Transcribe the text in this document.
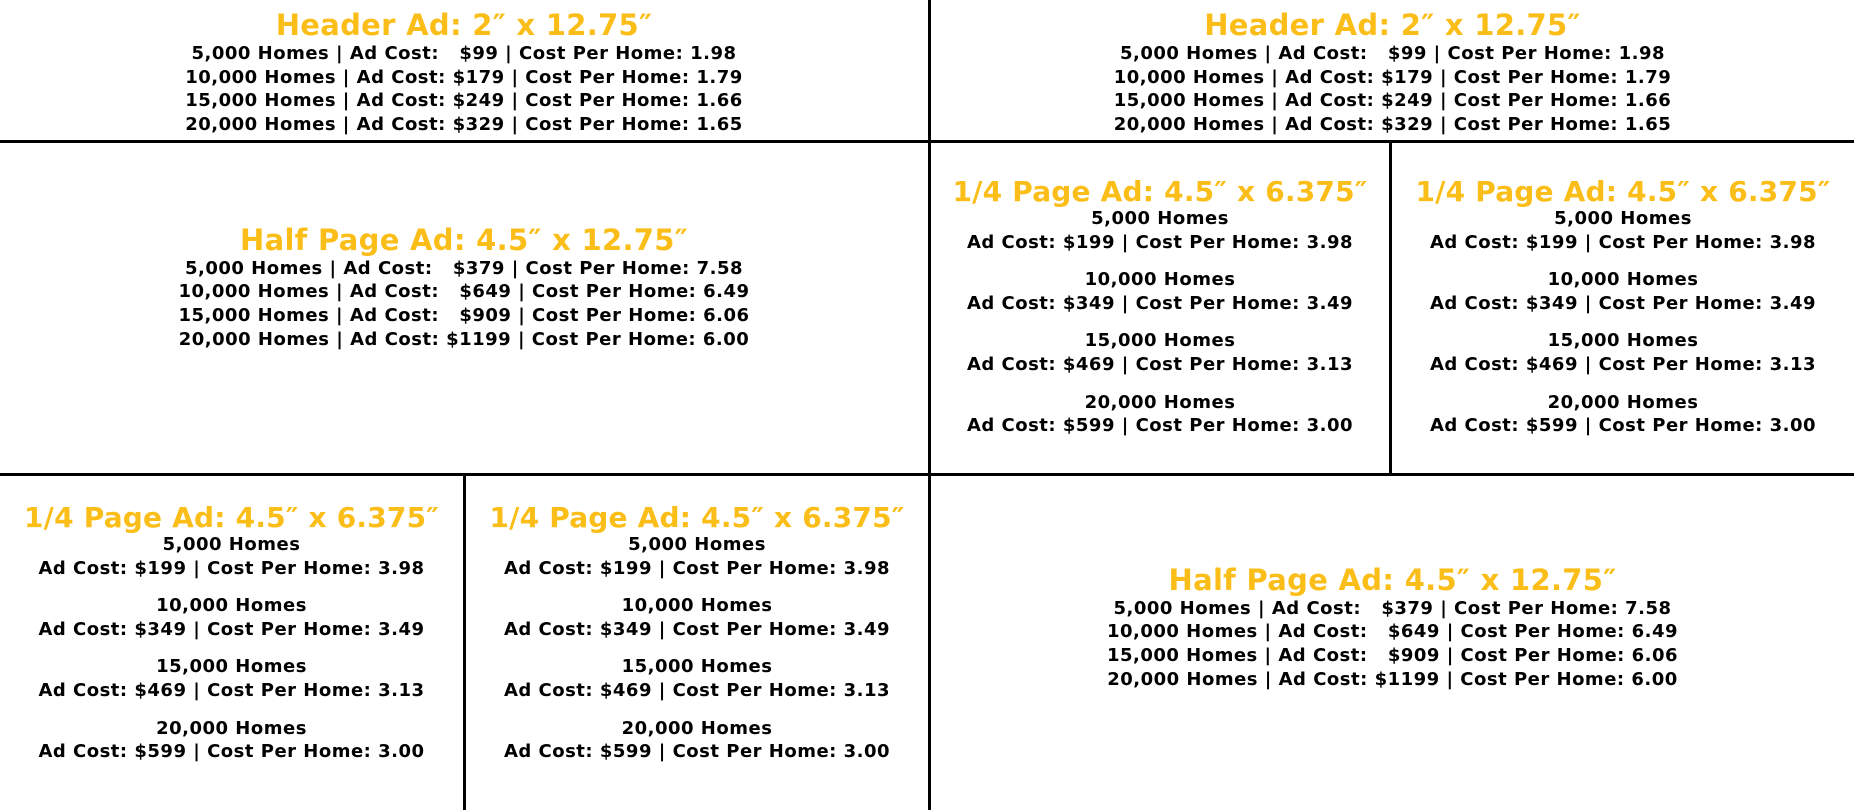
Header Ad: 2″ x 12.75″
5,000 Homes | Ad Cost:   $99 | Cost Per Home: 1.98
10,000 Homes | Ad Cost: $179 | Cost Per Home: 1.79
15,000 Homes | Ad Cost: $249 | Cost Per Home: 1.66
20,000 Homes | Ad Cost: $329 | Cost Per Home: 1.65
Header Ad: 2″ x 12.75″
5,000 Homes | Ad Cost:   $99 | Cost Per Home: 1.98
10,000 Homes | Ad Cost: $179 | Cost Per Home: 1.79
15,000 Homes | Ad Cost: $249 | Cost Per Home: 1.66
20,000 Homes | Ad Cost: $329 | Cost Per Home: 1.65
Half Page Ad: 4.5″ x 12.75″
5,000 Homes | Ad Cost:   $379 | Cost Per Home: 7.58
10,000 Homes | Ad Cost:   $649 | Cost Per Home: 6.49
15,000 Homes | Ad Cost:   $909 | Cost Per Home: 6.06
20,000 Homes | Ad Cost: $1199 | Cost Per Home: 6.00
1/4 Page Ad: 4.5″ x 6.375″
5,000 Homes
Ad Cost: $199 | Cost Per Home: 3.98
10,000 Homes
Ad Cost: $349 | Cost Per Home: 3.49
15,000 Homes
Ad Cost: $469 | Cost Per Home: 3.13
20,000 Homes
Ad Cost: $599 | Cost Per Home: 3.00
1/4 Page Ad: 4.5″ x 6.375″
5,000 Homes
Ad Cost: $199 | Cost Per Home: 3.98
10,000 Homes
Ad Cost: $349 | Cost Per Home: 3.49
15,000 Homes
Ad Cost: $469 | Cost Per Home: 3.13
20,000 Homes
Ad Cost: $599 | Cost Per Home: 3.00
1/4 Page Ad: 4.5″ x 6.375″
5,000 Homes
Ad Cost: $199 | Cost Per Home: 3.98
10,000 Homes
Ad Cost: $349 | Cost Per Home: 3.49
15,000 Homes
Ad Cost: $469 | Cost Per Home: 3.13
20,000 Homes
Ad Cost: $599 | Cost Per Home: 3.00
1/4 Page Ad: 4.5″ x 6.375″
5,000 Homes
Ad Cost: $199 | Cost Per Home: 3.98
10,000 Homes
Ad Cost: $349 | Cost Per Home: 3.49
15,000 Homes
Ad Cost: $469 | Cost Per Home: 3.13
20,000 Homes
Ad Cost: $599 | Cost Per Home: 3.00
Half Page Ad: 4.5″ x 12.75″
5,000 Homes | Ad Cost:   $379 | Cost Per Home: 7.58
10,000 Homes | Ad Cost:   $649 | Cost Per Home: 6.49
15,000 Homes | Ad Cost:   $909 | Cost Per Home: 6.06
20,000 Homes | Ad Cost: $1199 | Cost Per Home: 6.00
